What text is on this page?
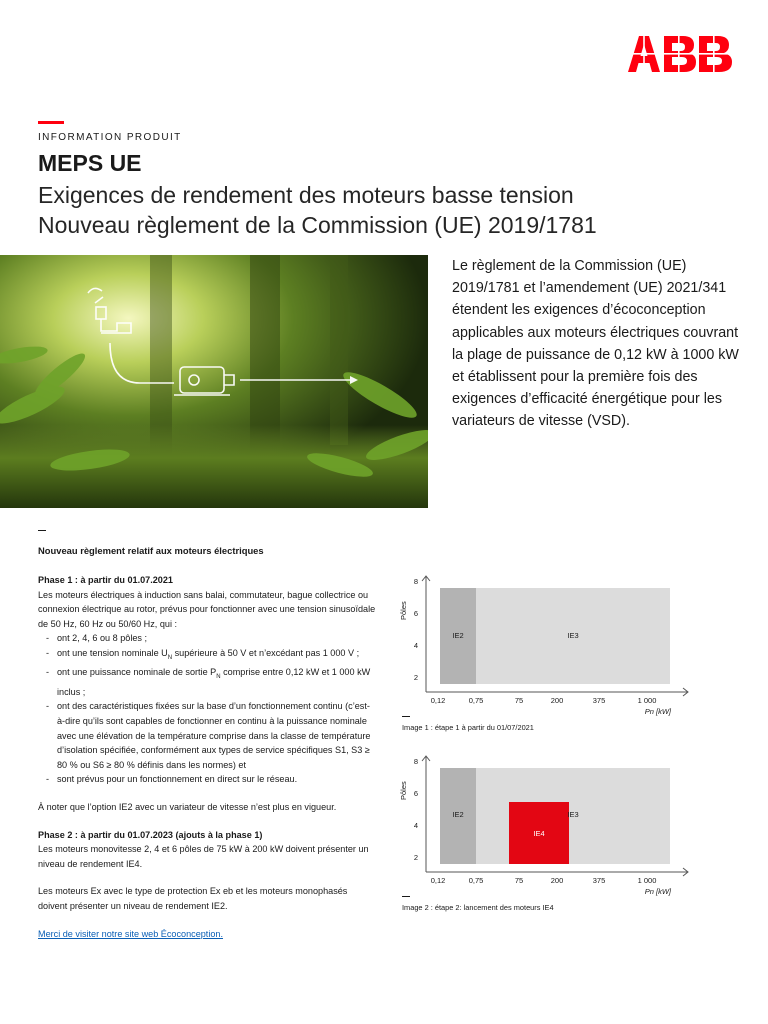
INFORMATION PRODUIT
MEPS UE
Exigences de rendement des moteurs basse tension
Nouveau règlement de la Commission (UE) 2019/1781
Le règlement de la Commission (UE) 2019/1781 et l’amendement (UE) 2021/341 étendent les exigences d’écoconception applicables aux moteurs électriques couvrant la plage de puissance de 0,12 kW à 1000 kW et établissent pour la première fois des exigences d’efficacité énergétique pour les variateurs de vitesse (VSD).
Nouveau règlement relatif aux moteurs électriques

Phase 1 : à partir du 01.07.2021

Les moteurs électriques à induction sans balai, commutateur, bague collectrice ou connexion électrique au rotor, prévus pour fonctionner avec une tension sinusoïdale de 50 Hz, 60 Hz ou 50/60 Hz, qui :

- ont 2, 4, 6 ou 8 pôles ;
- ont une tension nominale $U_N$ supérieure à 50 V et n’excédant pas 1 000 V ;
- ont une puissance nominale de sortie $P_N$ comprise entre 0,12 kW et 1 000 kW inclus ;
- ont des caractéristiques fixées sur la base d’un fonctionnement continu (c’est-à-dire qu’ils sont capables de fonctionner en continu à la puissance nominale avec une élévation de la température comprise dans la classe de température d’isolation spécifiée, conformément aux types de service spécifiques S1, S3 ≥ 80 % ou S6 ≥ 80 % définis dans les normes) et
- sont prévus pour un fonctionnement en direct sur le réseau.

À noter que l’option IE2 avec un variateur de vitesse n’est plus en vigueur.

Phase 2 : à partir du 01.07.2023 (ajouts à la phase 1)

Les moteurs monovitesse 2, 4 et 6 pôles de 75 kW à 200 kW doivent présenter un niveau de rendement IE4.

Les moteurs Ex avec le type de protection Ex eb et les moteurs monophasés doivent présenter un niveau de rendement IE2.

Merci de visiter notre site web Écoconception.

IE2	IE3
2
4
6
8
Pôles
0,12	0,75	75	200	375	1 000
Pn [kW]
Image 1 : étape 1 à partir du 01/07/2021
IE2	IE3
IE4
2
4
6
8
Pôles
0,12	0,75	75	200	375	1 000
Pn [kW]
Image 2 : étape 2: lancement des moteurs IE4
